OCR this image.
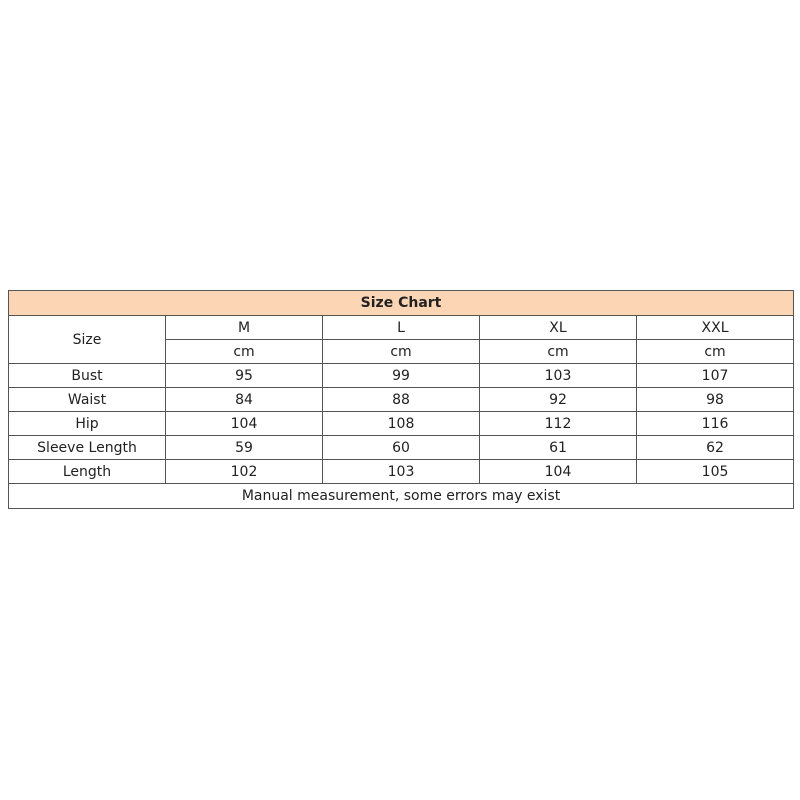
Size Chart				
Size	M	L	XL	XXL
	cm	cm	cm	cm
Bust	95	99	103	107
Waist	84	88	92	98
Hip	104	108	112	116
Sleeve Length	59	60	61	62
Length	102	103	104	105
Manual measurement, some errors may exist				
